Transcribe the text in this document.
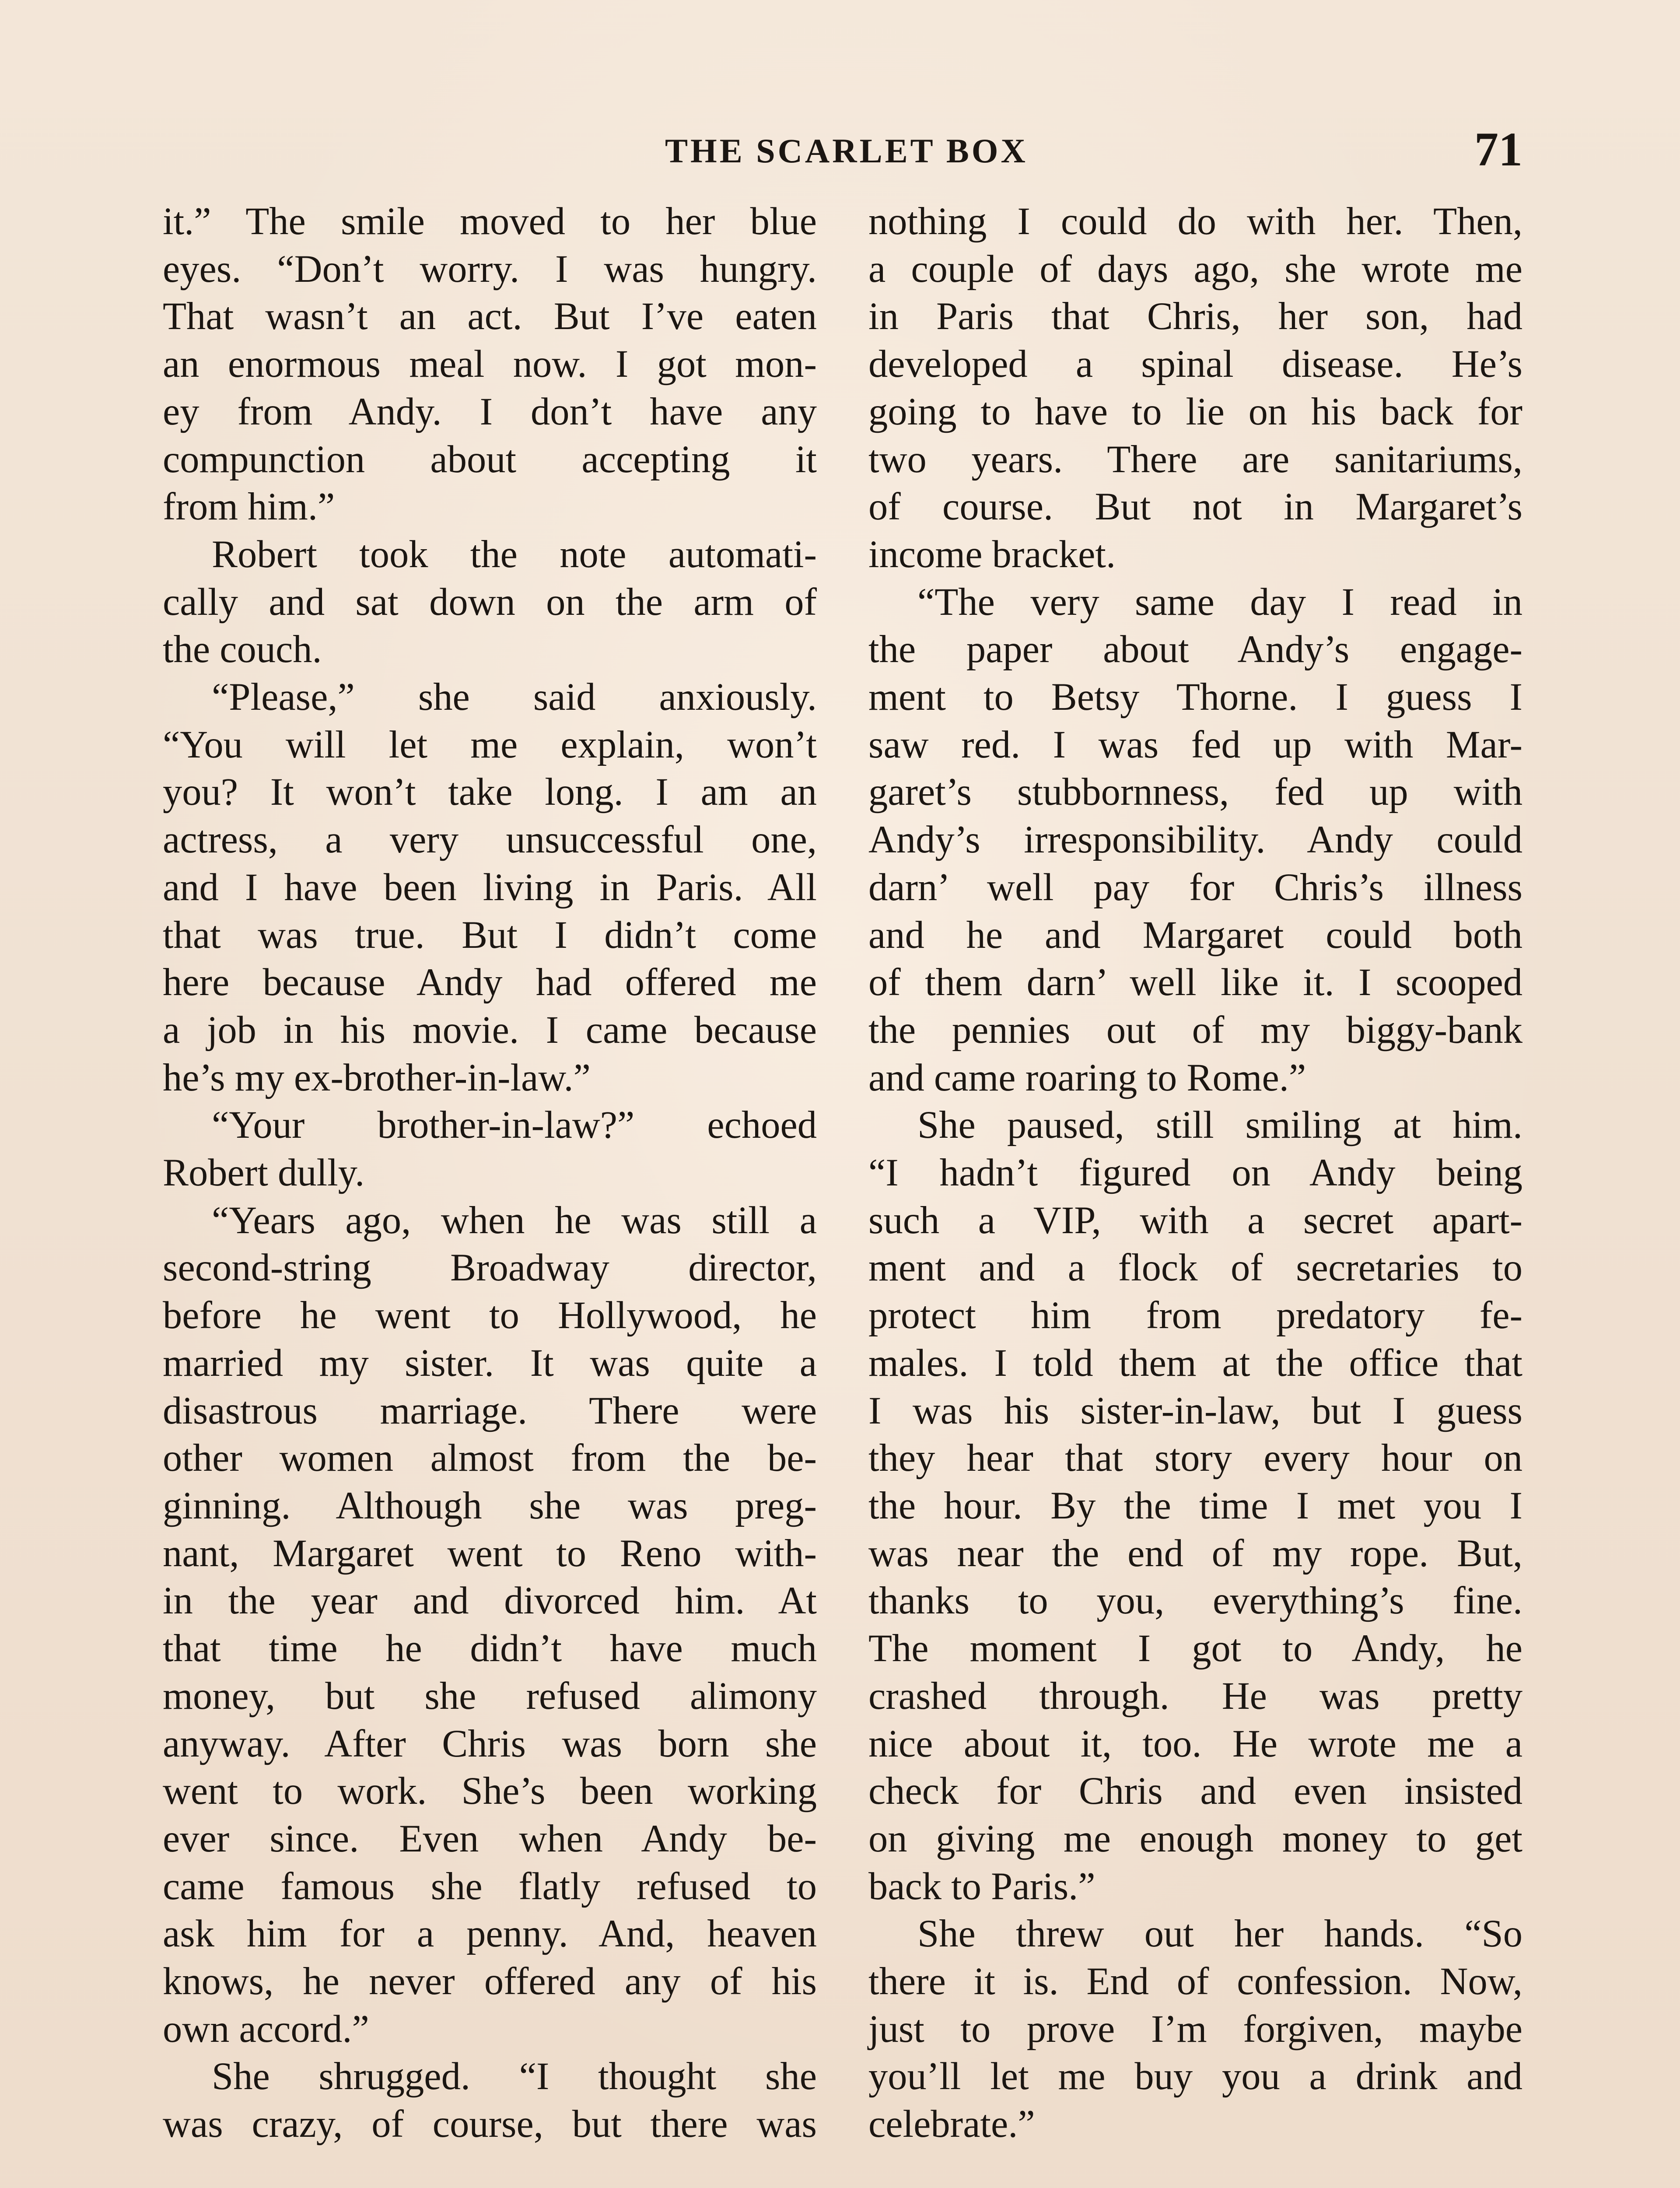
THE SCARLET BOX	71
it.” The smile moved to her blue
eyes. “Don’t worry. I was hungry.
That wasn’t an act. But I’ve eaten
an enormous meal now. I got mon-
ey from Andy. I don’t have any
compunction about accepting it
from him.”
Robert took the note automati-
cally and sat down on the arm of
the couch.
“Please,” she said anxiously.
“You will let me explain, won’t
you? It won’t take long. I am an
actress, a very unsuccessful one,
and I have been living in Paris. All
that was true. But I didn’t come
here because Andy had offered me
a job in his movie. I came because
he’s my ex-brother-in-law.”
“Your brother-in-law?” echoed
Robert dully.
“Years ago, when he was still a
second-string Broadway director,
before he went to Hollywood, he
married my sister. It was quite a
disastrous marriage. There were
other women almost from the be-
ginning. Although she was preg-
nant, Margaret went to Reno with-
in the year and divorced him. At
that time he didn’t have much
money, but she refused alimony
anyway. After Chris was born she
went to work. She’s been working
ever since. Even when Andy be-
came famous she flatly refused to
ask him for a penny. And, heaven
knows, he never offered any of his
own accord.”
She shrugged. “I thought she
was crazy, of course, but there was
nothing I could do with her. Then,
a couple of days ago, she wrote me
in Paris that Chris, her son, had
developed a spinal disease. He’s
going to have to lie on his back for
two years. There are sanitariums,
of course. But not in Margaret’s
income bracket.
“The very same day I read in
the paper about Andy’s engage-
ment to Betsy Thorne. I guess I
saw red. I was fed up with Mar-
garet’s stubbornness, fed up with
Andy’s irresponsibility. Andy could
darn’ well pay for Chris’s illness
and he and Margaret could both
of them darn’ well like it. I scooped
the pennies out of my biggy-bank
and came roaring to Rome.”
She paused, still smiling at him.
“I hadn’t figured on Andy being
such a VIP, with a secret apart-
ment and a flock of secretaries to
protect him from predatory fe-
males. I told them at the office that
I was his sister-in-law, but I guess
they hear that story every hour on
the hour. By the time I met you I
was near the end of my rope. But,
thanks to you, everything’s fine.
The moment I got to Andy, he
crashed through. He was pretty
nice about it, too. He wrote me a
check for Chris and even insisted
on giving me enough money to get
back to Paris.”
She threw out her hands. “So
there it is. End of confession. Now,
just to prove I’m forgiven, maybe
you’ll let me buy you a drink and
celebrate.”
